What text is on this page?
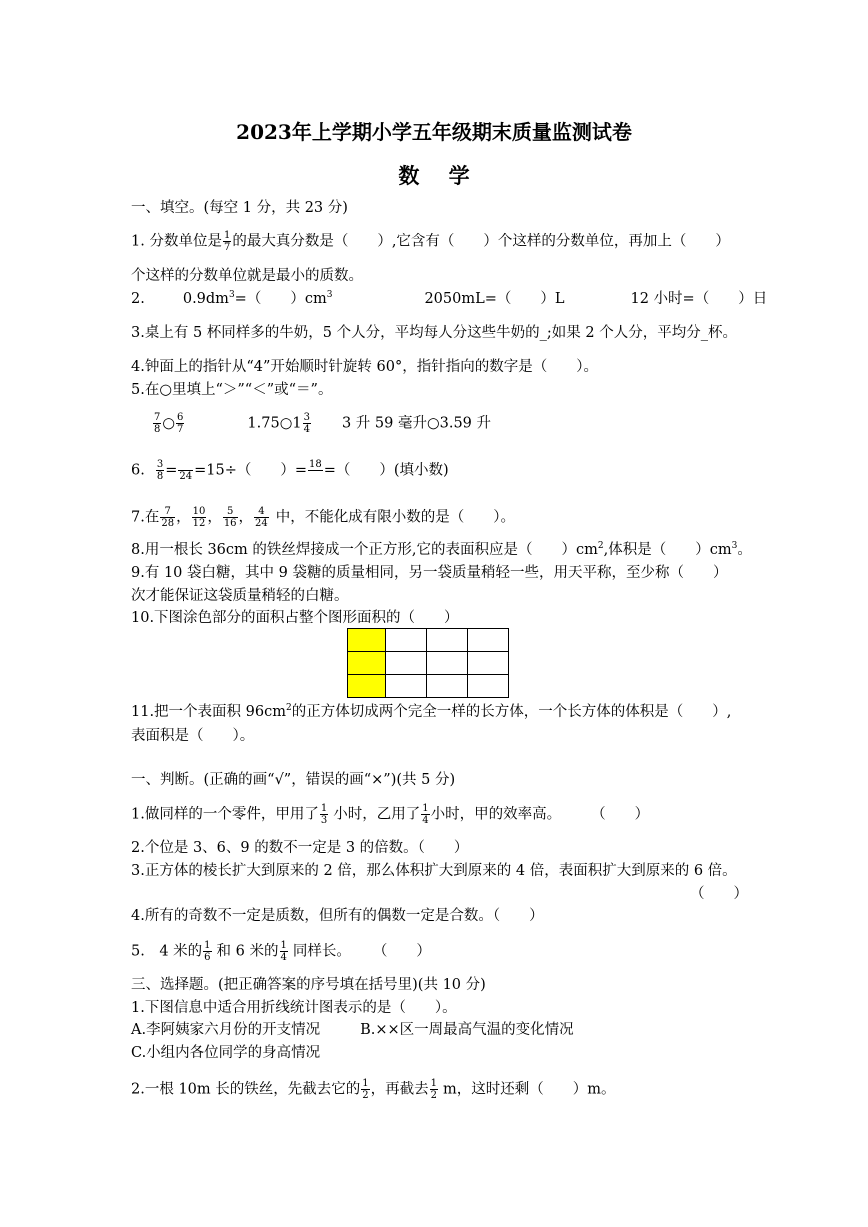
2023年上学期小学五年级期末质量监测试卷
数    学
一、填空。(每空 1 分，共 23 分)
1. 分数单位是 $\frac{1}{7}$ 的最大真分数是（　　）,它含有（　　）个这样的分数单位，再加上（　　）
个这样的分数单位就是最小的质数。
2.	$0.9dm^3=$（　　）$cm^3$	2050mL=（　　）L	12 小时=（　　）日
3.桌上有 5 杯同样多的牛奶，5 个人分，平均每人分这些牛奶的_;如果 2 个人分，平均分_杯。
4.钟面上的指针从“4”开始顺时针旋转 60°，指针指向的数字是（　　）。
5.在○里填上“＞”“＜”或“＝”。
$\frac{7}{8}$ ○ $\frac{6}{7}$	1.75○1 $\frac{3}{4} 3$ 升 59 毫升○3.59 升
6. $\frac{3}{8}$ =
24 =15÷（　　）= 18
=（　　）(填小数)
7.在 $\frac{7}{28}$ ， $\frac{10}{12}$ ， $\frac{5}{16}$ ， $\frac{4}{24}$ 中，不能化成有限小数的是（　　）。
8.用一根长 36cm 的铁丝焊接成一个正方形,它的表面积应是（　　）$cm^2$,体积是（　　）$cm^3$。
9.有 10 袋白糖，其中 9 袋糖的质量相同，另一袋质量稍轻一些，用天平称，至少称（　　）
次才能保证这袋质量稍轻的白糖。
10.下图涂色部分的面积占整个图形面积的（　　）

11.把一个表面积 $96cm^2$的正方体切成两个完全一样的长方体，一个长方体的体积是（　　）,
表面积是（　　）。
一、判断。(正确的画“√”，错误的画“×”)(共 5 分)
1.做同样的一个零件，甲用了 $\frac{1}{3}$ 小时，乙用了 $\frac{1}{4}$ 小时，甲的效率高。 （　　）
2.个位是 3、6、9 的数不一定是 3 的倍数。（　　）
3.正方体的棱长扩大到原来的 2 倍，那么体积扩大到原来的 4 倍，表面积扩大到原来的 6 倍。
（　　）
4.所有的奇数不一定是质数，但所有的偶数一定是合数。（　　）
5.　4 米的 $\frac{1}{6}$ 和 6 米的 $\frac{1}{4}$ 同样长。 （　　）
三、选择题。(把正确答案的序号填在括号里)(共 10 分)
1.下图信息中适合用折线统计图表示的是（　　）。
A.李阿姨家六月份的开支情况	B.××区一周最高气温的变化情况
C.小组内各位同学的身高情况
2.一根 10m 长的铁丝，先截去它的 $\frac{1}{2}$ ，再截去 $\frac{1}{2}$ m，这时还剩（　　）m。
